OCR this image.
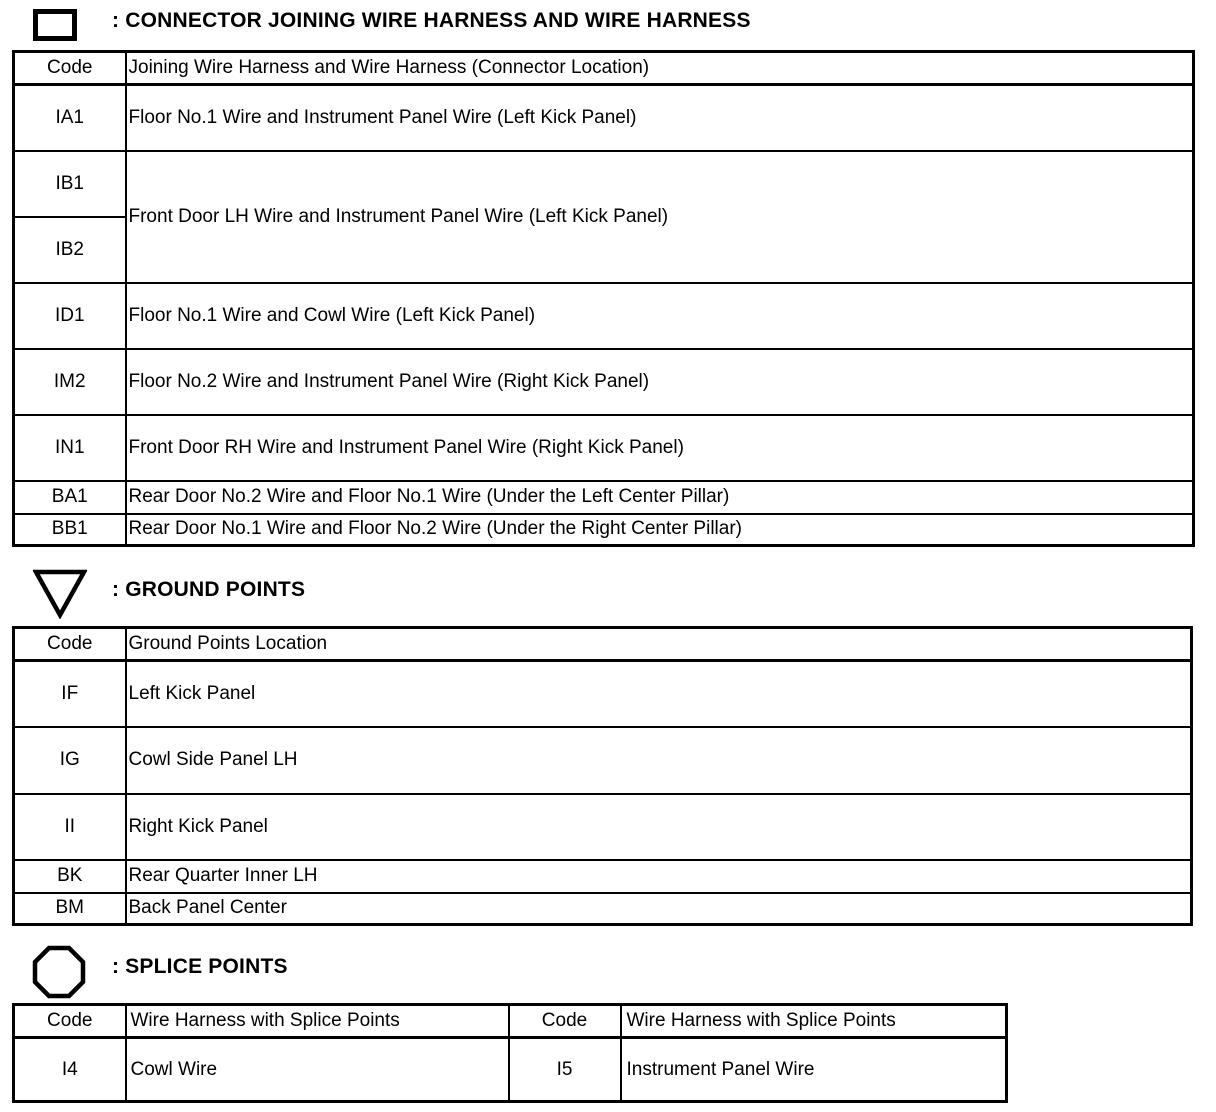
: CONNECTOR JOINING WIRE HARNESS AND WIRE HARNESS
Code	Joining Wire Harness and Wire Harness (Connector Location)
IA1	Floor No.1 Wire and Instrument Panel Wire (Left Kick Panel)
IB1	Front Door LH Wire and Instrument Panel Wire (Left Kick Panel)
IB2	
ID1	Floor No.1 Wire and Cowl Wire (Left Kick Panel)
IM2	Floor No.2 Wire and Instrument Panel Wire (Right Kick Panel)
IN1	Front Door RH Wire and Instrument Panel Wire (Right Kick Panel)
BA1	Rear Door No.2 Wire and Floor No.1 Wire (Under the Left Center Pillar)
BB1	Rear Door No.1 Wire and Floor No.2 Wire (Under the Right Center Pillar)
: GROUND POINTS
Code	Ground Points Location
IF	Left Kick Panel
IG	Cowl Side Panel LH
II	Right Kick Panel
BK	Rear Quarter Inner LH
BM	Back Panel Center
: SPLICE POINTS
Code	Wire Harness with Splice Points	Code	Wire Harness with Splice Points
I4	Cowl Wire	I5	Instrument Panel Wire
